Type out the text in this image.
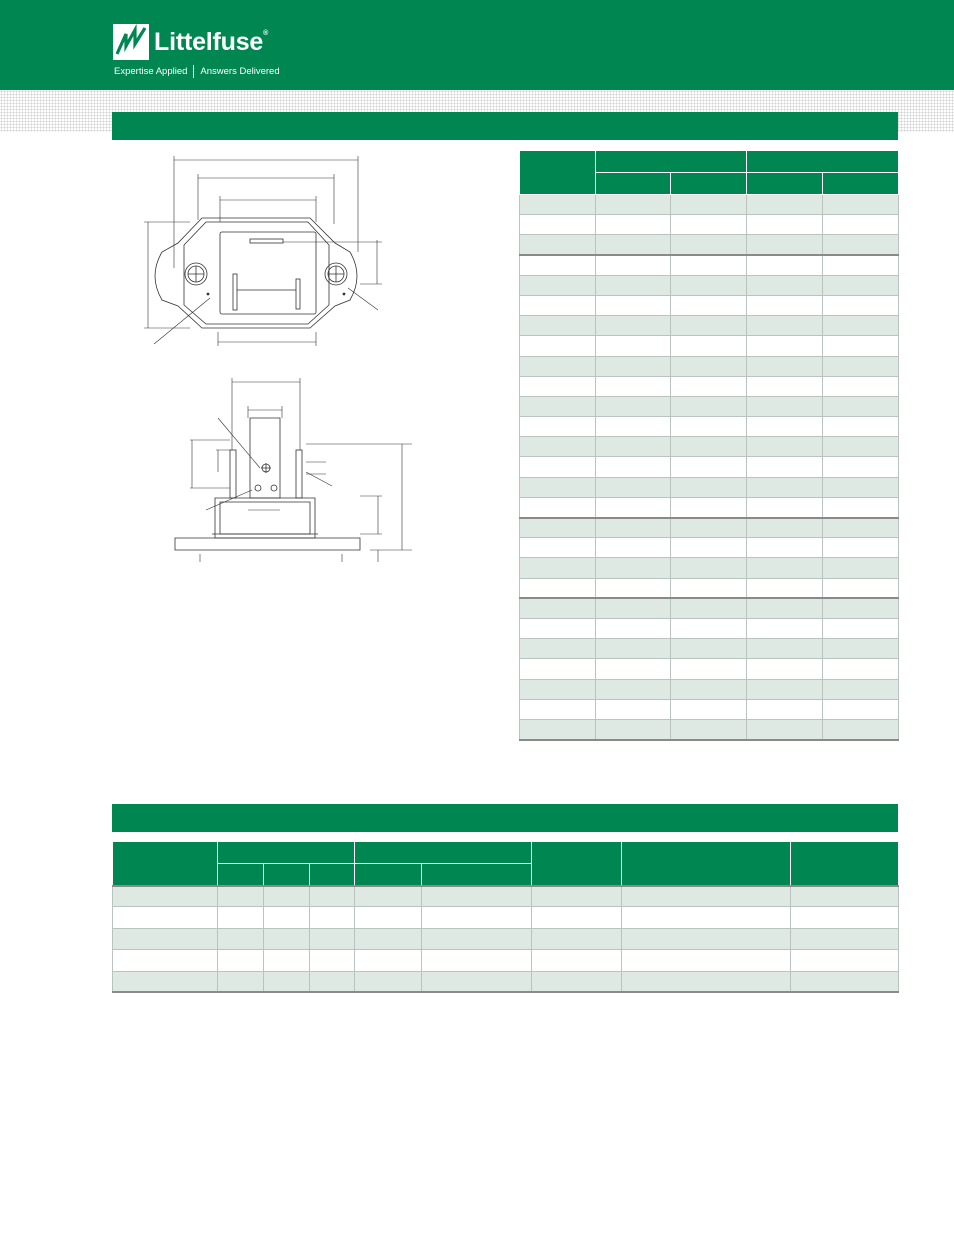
Littelfuse®
Expertise Applied Answers Delivered
